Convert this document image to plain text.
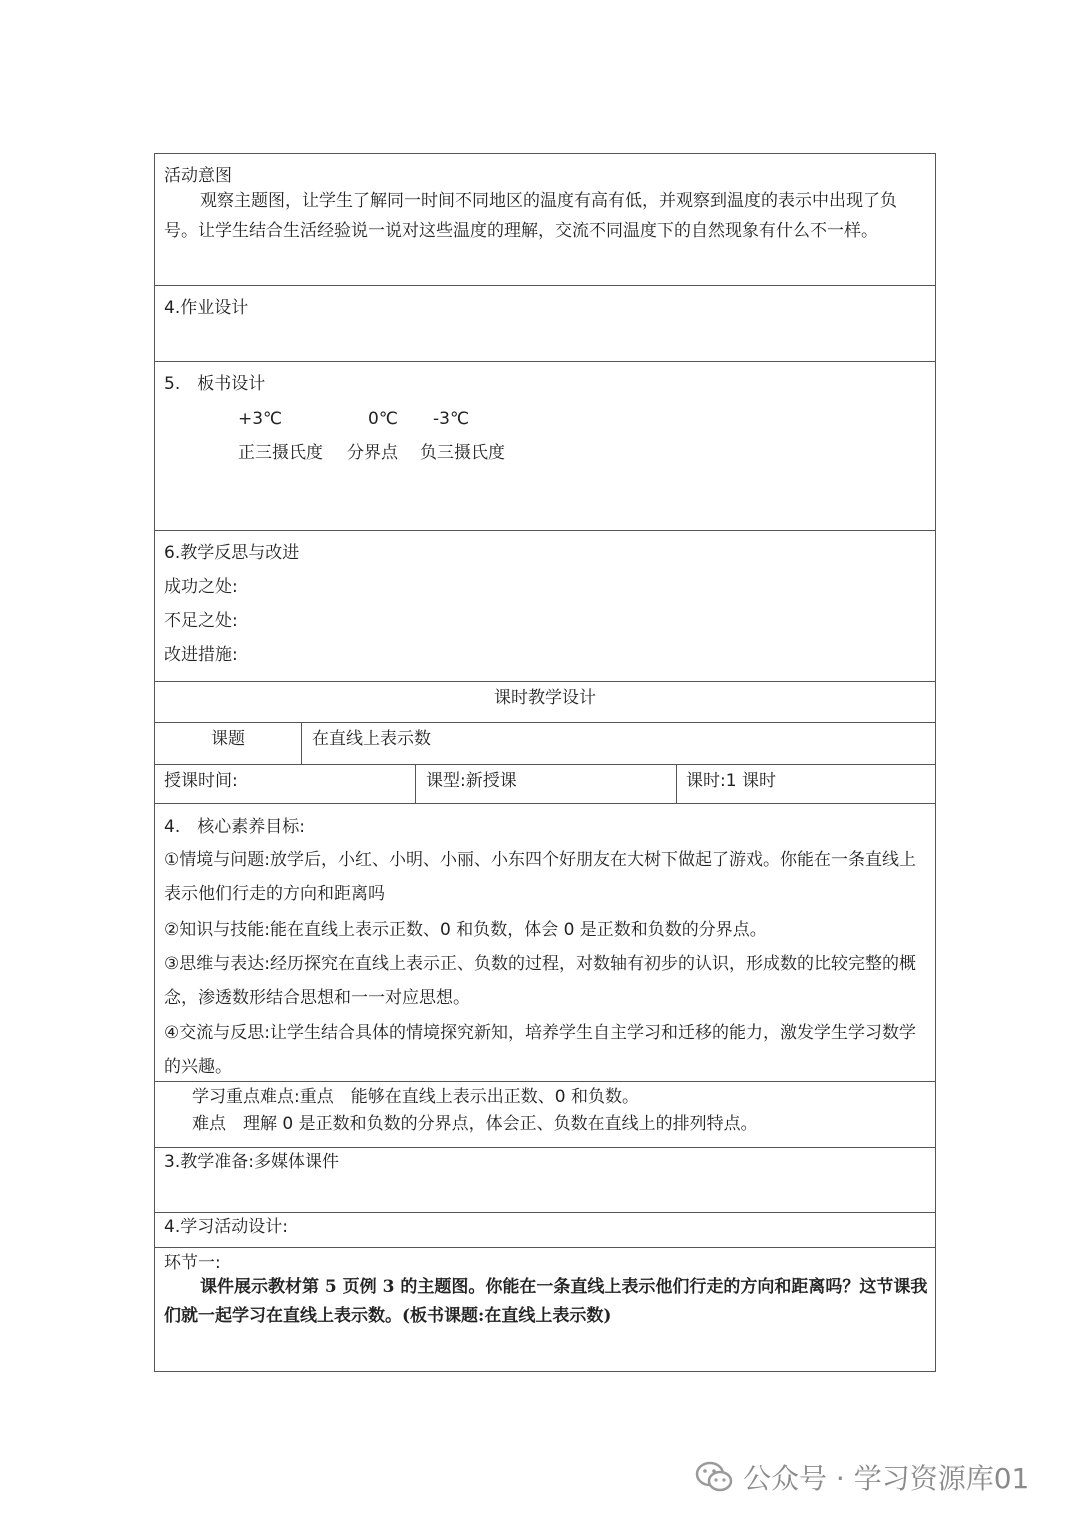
活动意图
观察主题图，让学生了解同一时间不同地区的温度有高有低，并观察到温度的表示中出现了负号。让学生结合生活经验说一说对这些温度的理解，交流不同温度下的自然现象有什么不一样。
4.作业设计
5.　板书设计
+3℃	0℃ -3℃
正三摄氏度 分界点 负三摄氏度
6.教学反思与改进
成功之处:
不足之处:
改进措施:
课时教学设计
课题	在直线上表示数
授课时间:	课型:新授课	课时:1 课时
4.　核心素养目标:
①情境与问题:放学后，小红、小明、小丽、小东四个好朋友在大树下做起了游戏。你能在一条直线上表示他们行走的方向和距离吗
②知识与技能:能在直线上表示正数、0 和负数，体会 0 是正数和负数的分界点。
③思维与表达:经历探究在直线上表示正、负数的过程，对数轴有初步的认识，形成数的比较完整的概念，渗透数形结合思想和一一对应思想。
④交流与反思:让学生结合具体的情境探究新知，培养学生自主学习和迁移的能力，激发学生学习数学的兴趣。
学习重点难点:重点　能够在直线上表示出正数、0 和负数。
难点　理解 0 是正数和负数的分界点，体会正、负数在直线上的排列特点。
3.教学准备:多媒体课件
4.学习活动设计:
环节一:
课件展示教材第 5 页例 3 的主题图。你能在一条直线上表示他们行走的方向和距离吗？这节课我们就一起学习在直线上表示数。(板书课题:在直线上表示数)
公众号 · 学习资源库01
